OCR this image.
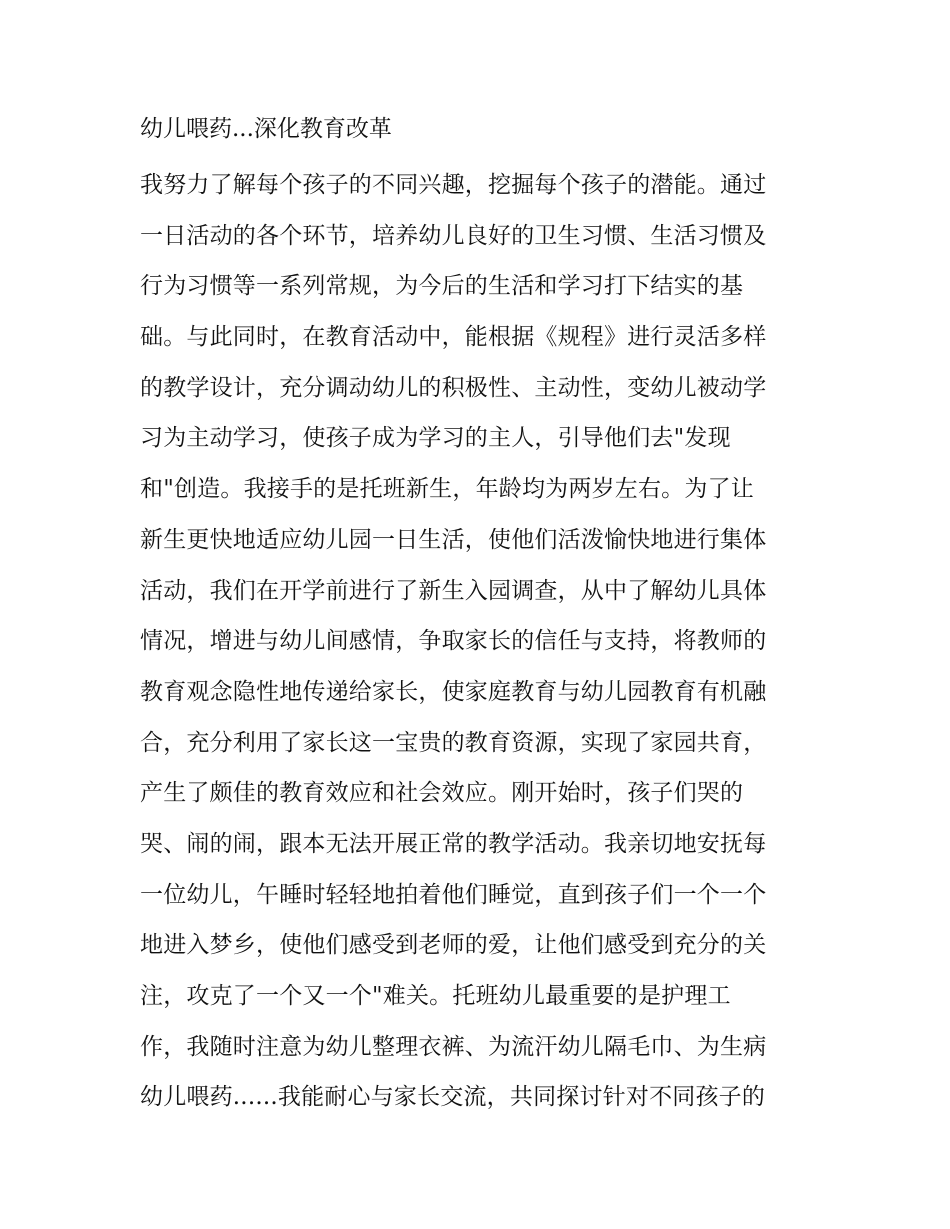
幼儿喂药...深化教育改革
我努力了解每个孩子的不同兴趣，挖掘每个孩子的潜能。通过
一日活动的各个环节，培养幼儿良好的卫生习惯、生活习惯及
行为习惯等一系列常规，为今后的生活和学习打下结实的基
础。与此同时，在教育活动中，能根据《规程》进行灵活多样
的教学设计，充分调动幼儿的积极性、主动性，变幼儿被动学
习为主动学习，使孩子成为学习的主人，引导他们去"发现
和"创造。我接手的是托班新生，年龄均为两岁左右。为了让
新生更快地适应幼儿园一日生活，使他们活泼愉快地进行集体
活动，我们在开学前进行了新生入园调查，从中了解幼儿具体
情况，增进与幼儿间感情，争取家长的信任与支持，将教师的
教育观念隐性地传递给家长，使家庭教育与幼儿园教育有机融
合，充分利用了家长这一宝贵的教育资源，实现了家园共育，
产生了颇佳的教育效应和社会效应。刚开始时，孩子们哭的
哭、闹的闹，跟本无法开展正常的教学活动。我亲切地安抚每
一位幼儿，午睡时轻轻地拍着他们睡觉，直到孩子们一个一个
地进入梦乡，使他们感受到老师的爱，让他们感受到充分的关
注，攻克了一个又一个"难关。托班幼儿最重要的是护理工
作，我随时注意为幼儿整理衣裤、为流汗幼儿隔毛巾、为生病
幼儿喂药......我能耐心与家长交流，共同探讨针对不同孩子的
